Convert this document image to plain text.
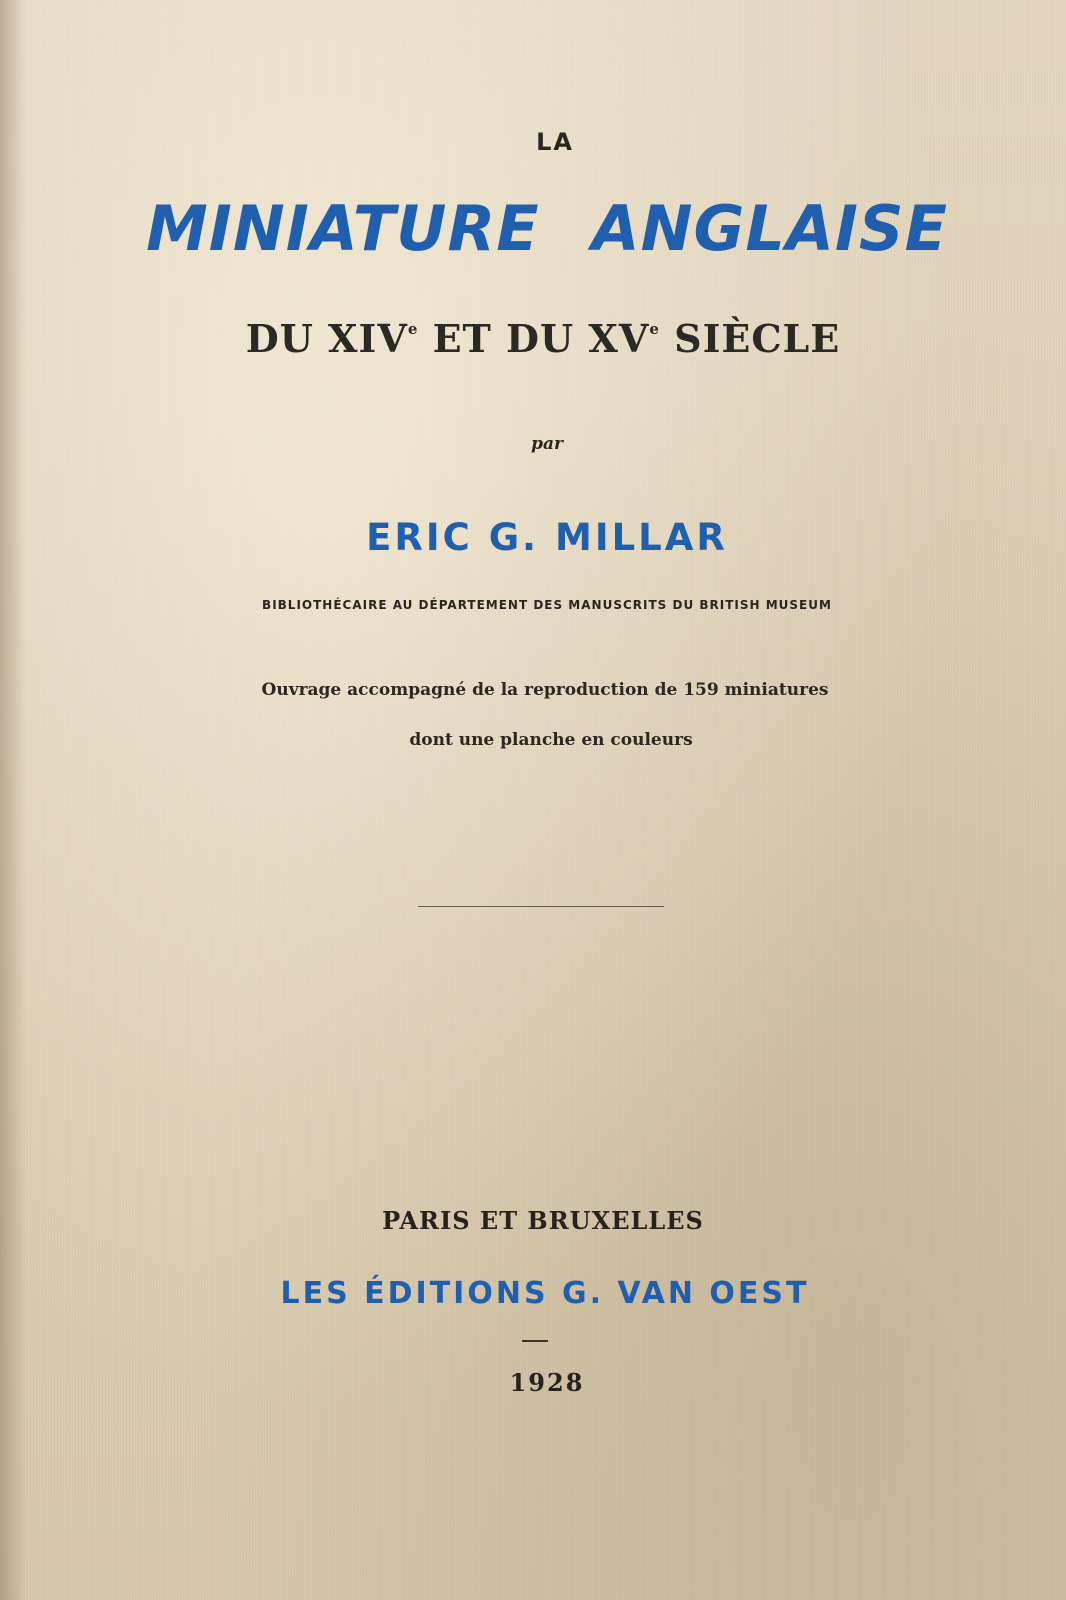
LA
MINIATURE ANGLAISE
DU XIVe ET DU XVe SIÈCLE
par
ERIC G. MILLAR
BIBLIOTHÉCAIRE AU DÉPARTEMENT DES MANUSCRITS DU BRITISH MUSEUM
Ouvrage accompagné de la reproduction de 159 miniatures
dont une planche en couleurs
PARIS ET BRUXELLES
LES ÉDITIONS G. VAN OEST
1928
